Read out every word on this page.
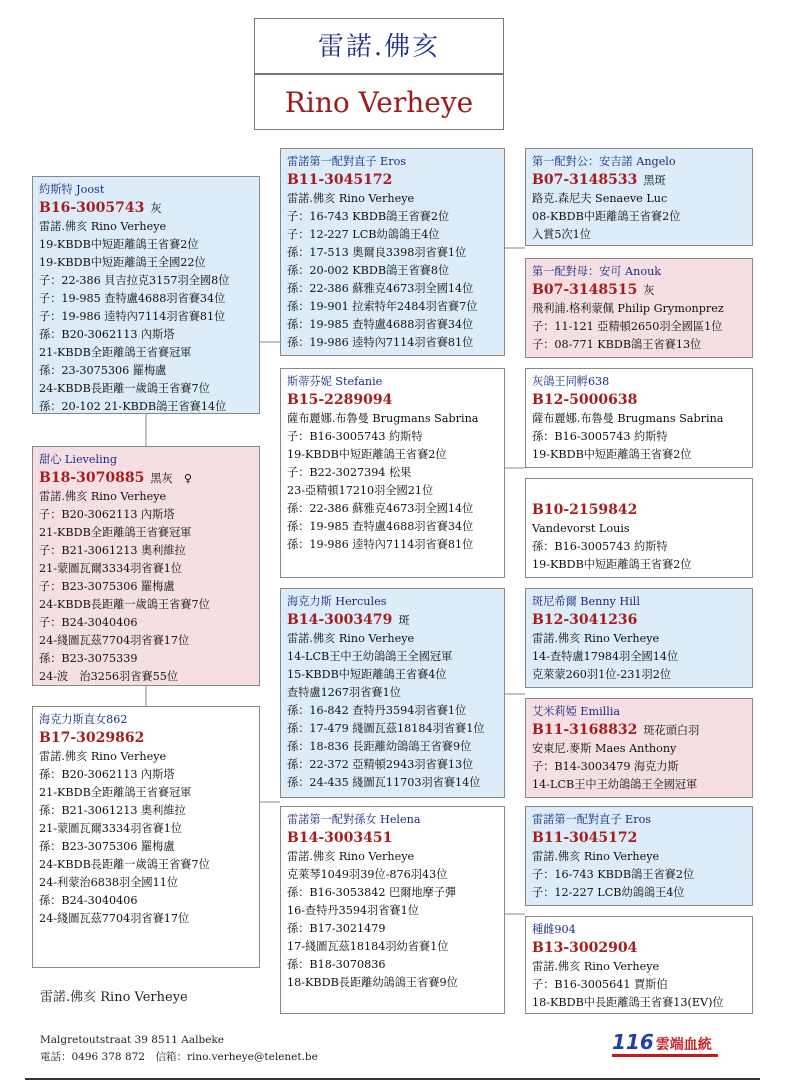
雷諾.佛亥
Rino Verheye
約斯特 Joost
B16-3005743 灰
雷諾.佛亥 Rino Verheye
19-KBDB中短距離鴿王省賽2位
19-KBDB中短距離鴿王全國22位
子：22-386 貝吉拉克3157羽全國8位
子：19-985 查特盧4688羽省賽34位
子：19-986 逵特內7114羽省賽81位
孫：B20-3062113 內斯塔
21-KBDB全距離鴿王省賽冠軍
孫：23-3075306 羅梅盧
24-KBDB長距離一歲鴿王省賽7位
孫：20-102 21-KBDB鴿王省賽14位
甜心 Lieveling
B18-3070885 黑灰　♀
雷諾.佛亥 Rino Verheye
子：B20-3062113 內斯塔
21-KBDB全距離鴿王省賽冠軍
子：B21-3061213 奧利維拉
21-蒙圖瓦爾3334羽省賽1位
子：B23-3075306 羅梅盧
24-KBDB長距離一歲鴿王省賽7位
子：B24-3040406
24-綫圖瓦茲7704羽省賽17位
孫：B23-3075339
24-波　治3256羽省賽55位
海克力斯直女862
B17-3029862
雷諾.佛亥 Rino Verheye
孫：B20-3062113 內斯塔
21-KBDB全距離鴿王省賽冠軍
孫：B21-3061213 奧利維拉
21-蒙圖瓦爾3334羽省賽1位
孫：B23-3075306 羅梅盧
24-KBDB長距離一歲鴿王省賽7位
24-利蒙治6838羽全國11位
孫：B24-3040406
24-綫圖瓦茲7704羽省賽17位
雷諾第一配對直子 Eros
B11-3045172
雷諾.佛亥 Rino Verheye
子：16-743 KBDB鴿王省賽2位
子：12-227 LCB幼鴿鴿王4位
孫：17-513 奧爾良3398羽省賽1位
孫：20-002 KBDB鴿王省賽8位
孫：22-386 蘇雅克4673羽全國14位
孫：19-901 拉索特年2484羽省賽7位
孫：19-985 查特盧4688羽省賽34位
孫：19-986 逵特內7114羽省賽81位
斯蒂芬妮 Stefanie
B15-2289094
薩布麗娜.布魯曼 Brugmans Sabrina
子：B16-3005743 約斯特
19-KBDB中短距離鴿王省賽2位
子：B22-3027394 松果
23-亞精頓17210羽全國21位
孫：22-386 蘇雅克4673羽全國14位
孫：19-985 查特盧4688羽省賽34位
孫：19-986 逵特內7114羽省賽81位
海克力斯 Hercules
B14-3003479 斑
雷諾.佛亥 Rino Verheye
14-LCB王中王幼鴿鴿王全國冠軍
15-KBDB中短距離鴿王省賽4位
查特盧1267羽省賽1位
孫：16-842 查特丹3594羽省賽1位
孫：17-479 綫圖瓦茲18184羽省賽1位
孫：18-836 長距離幼鴿鴿王省賽9位
孫：22-372 亞精頓2943羽省賽13位
孫：24-435 綫圖瓦11703羽省賽14位
雷諾第一配對孫女 Helena
B14-3003451
雷諾.佛亥 Rino Verheye
克萊琴1049羽39位-876羽43位
孫：B16-3053842 巴爾地摩子彈
16-查特丹3594羽省賽1位
孫：B17-3021479
17-綫圖瓦茲18184羽幼省賽1位
孫：B18-3070836
18-KBDB長距離幼鴿鴿王省賽9位
第一配對公：安吉諾 Angelo
B07-3148533 黑斑
路克.森尼夫 Senaeve Luc
08-KBDB中距離鴿王省賽2位
入賞5次1位
第一配對母：安可 Anouk
B07-3148515 灰
飛利浦.格利蒙佩 Philip Grymonprez
子：11-121 亞精頓2650羽全國區1位
子：08-771 KBDB鴿王省賽13位
灰鴿王同孵638
B12-5000638
薩布麗娜.布魯曼 Brugmans Sabrina
孫：B16-3005743 約斯特
19-KBDB中短距離鴿王省賽2位
B10-2159842
Vandevorst Louis
孫：B16-3005743 約斯特
19-KBDB中短距離鴿王省賽2位
斑尼希爾 Benny Hill
B12-3041236
雷諾.佛亥 Rino Verheye
14-查特盧17984羽全國14位
克萊蒙260羽1位-231羽2位
艾米莉婭 Emillia
B11-3168832 斑花頭白羽
安東尼.麥斯 Maes Anthony
子：B14-3003479 海克力斯
14-LCB王中王幼鴿鴿王全國冠軍
雷諾第一配對直子 Eros
B11-3045172
雷諾.佛亥 Rino Verheye
子：16-743 KBDB鴿王省賽2位
子：12-227 LCB幼鴿鴿王4位
種雌904
B13-3002904
雷諾.佛亥 Rino Verheye
子：B16-3005641 賈斯伯
18-KBDB中長距離鴿王省賽13(EV)位
雷諾.佛亥 Rino Verheye
Malgretoutstraat 39 8511 Aalbeke
電話：0496 378 872　信箱：rino.verheye@telenet.be
116 雲端血統
